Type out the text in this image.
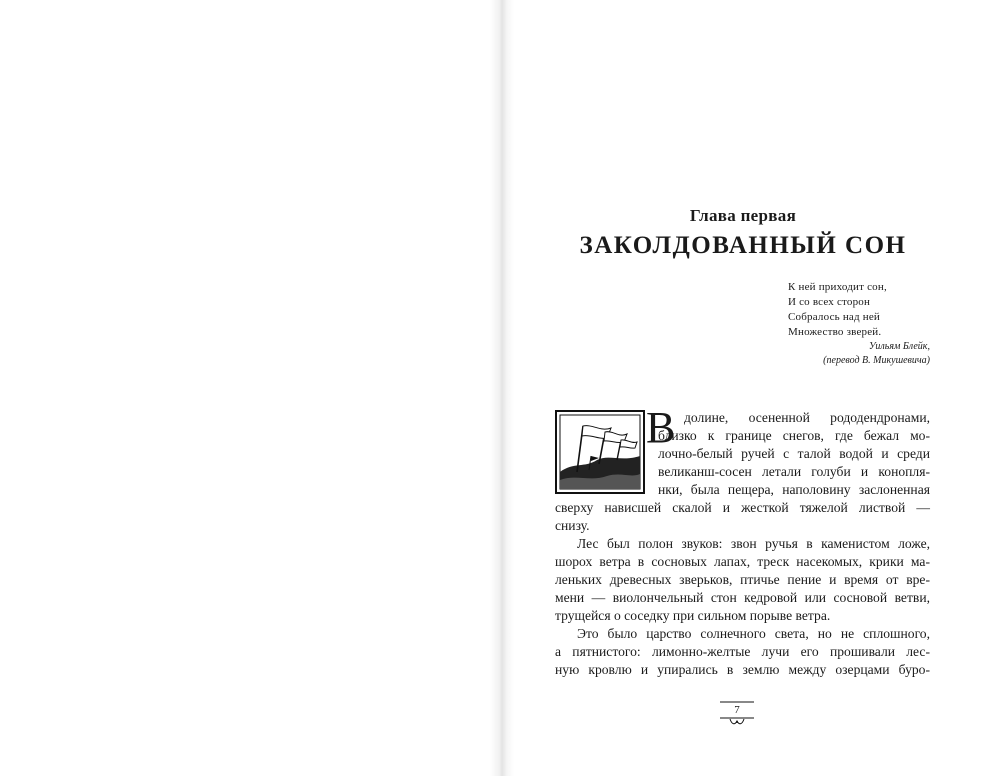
Глава первая
ЗАКОЛДОВАННЫЙ СОН
К ней приходит сон,
И со всех сторон
Собралось над ней
Множество зверей.
Уильям Блейк,
(перевод В. Микушевича)
В долине, осененной рододендронами,
близко к границе снегов, где бежал мо-
лочно-белый ручей с талой водой и среди
великанш-сосен летали голуби и конопля-
нки, была пещера, наполовину заслоненная
сверху нависшей скалой и жесткой тяжелой листвой —
снизу.
Лес был полон звуков: звон ручья в каменистом ложе,
шорох ветра в сосновых лапах, треск насекомых, крики ма-
леньких древесных зверьков, птичье пение и время от вре-
мени — виолончельный стон кедровой или сосновой ветви,
трущейся о соседку при сильном порыве ветра.
Это было царство солнечного света, но не сплошного,
а пятнистого: лимонно-желтые лучи его прошивали лес-
ную кровлю и упирались в землю между озерцами буро-
7
